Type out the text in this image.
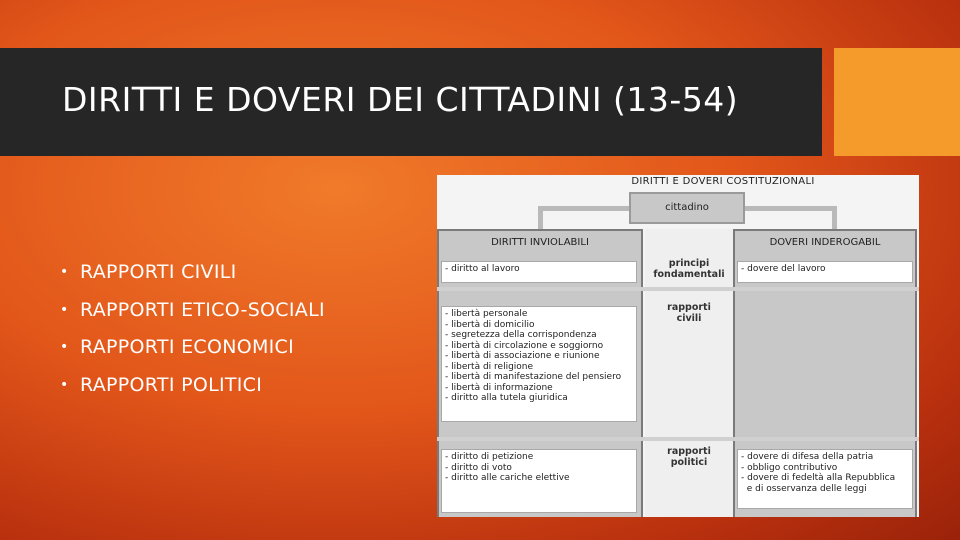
DIRITTI E DOVERI DEI CITTADINI (13-54)
• RAPPORTI CIVILI
• RAPPORTI ETICO-SOCIALI
• RAPPORTI ECONOMICI
• RAPPORTI POLITICI
DIRITTI E DOVERI COSTITUZIONALI
cittadino
DIRITTI INVIOLABILI	DOVERI INDEROGABIL
- diritto al lavoro
- libertà personale
- libertà di domicilio
- segretezza della corrispondenza
- libertà di circolazione e soggiorno
- libertà di associazione e riunione
- libertà di religione
- libertà di manifestazione del pensiero
- libertà di informazione
- diritto alla tutela giuridica
- diritto di petizione
- diritto di voto
- diritto alle cariche elettive
principi
fondamentali
rapporti
civili
rapporti
politici
- dovere del lavoro
- dovere di difesa della patria
- obbligo contributivo
- dovere di fedeltà alla Repubblica
e di osservanza delle leggi
